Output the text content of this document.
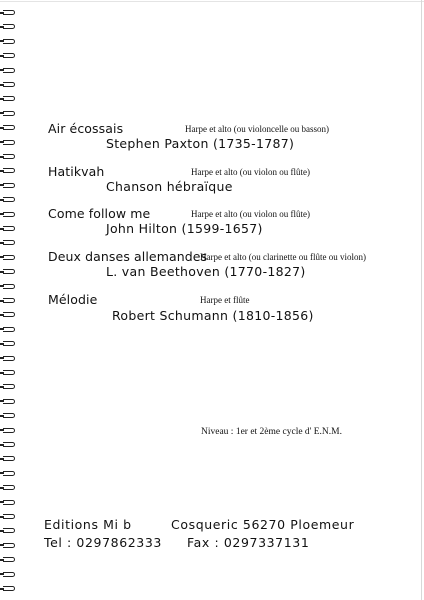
Air écossais	Harpe et alto (ou violoncelle ou basson)
Stephen Paxton (1735-1787)
Hatikvah	Harpe et alto (ou violon ou flûte)
Chanson hébraïque
Come follow me	Harpe et alto (ou violon ou flûte)
John Hilton (1599-1657)
Deux danses allemandes
Harpe et alto (ou clarinette ou flûte ou violon)
L. van Beethoven (1770-1827)
Mélodie	Harpe et flûte
Robert Schumann (1810-1856)
Niveau : 1er et 2ème cycle d' E.N.M.
Editions Mi b	Cosqueric 56270 Ploemeur
Tel : 0297862333 Fax : 0297337131
